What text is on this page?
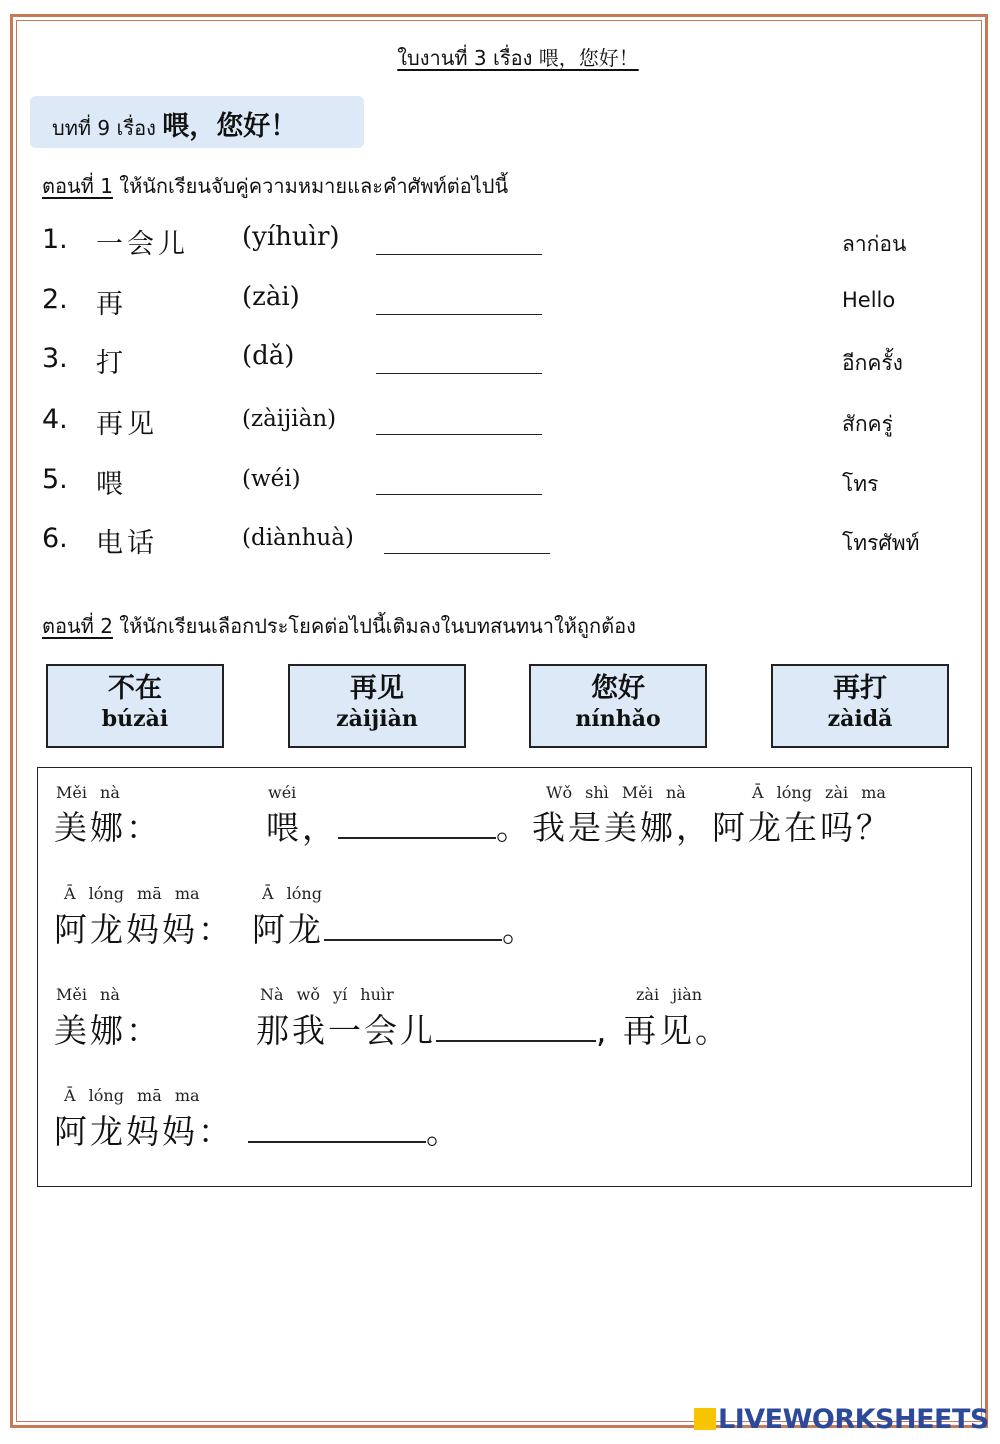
ใบงานที่ 3 เรื่อง 喂，您好！
บทที่ 9 เรื่อง 喂，您好！
ตอนที่ 1 ให้นักเรียนจับคู่ความหมายและคำศัพท์ต่อไปนี้
1. 一会儿 (yíhuìr)	ลาก่อน
2. 再	(zài)	Hello
3. 打	(dǎ)	อีกครั้ง
4. 再见	(zàijiàn)	สักครู่
5. 喂	(wéi)	โทร
6. 电话	(diànhuà)	โทรศัพท์
ตอนที่ 2 ให้นักเรียนเลือกประโยคต่อไปนี้เติมลงในบทสนทนาให้ถูกต้อง
不在
búzài
再见
zàijiàn
您好
nínhǎo
再打
zàidǎ
Měi nà	wéi	Wǒ shì Měi nà	Ā lóng zài ma
美娜：	喂，	。我是美娜，阿龙在吗？
Ā lóng mā ma	Ā lóng
阿龙妈妈： 阿龙	。
Měi nà	Nà wǒ yí huìr	zài jiàn
美娜：	那我一会儿	, 再见。
Ā lóng mā ma
阿龙妈妈：	。
LIVEWORKSHEETS
